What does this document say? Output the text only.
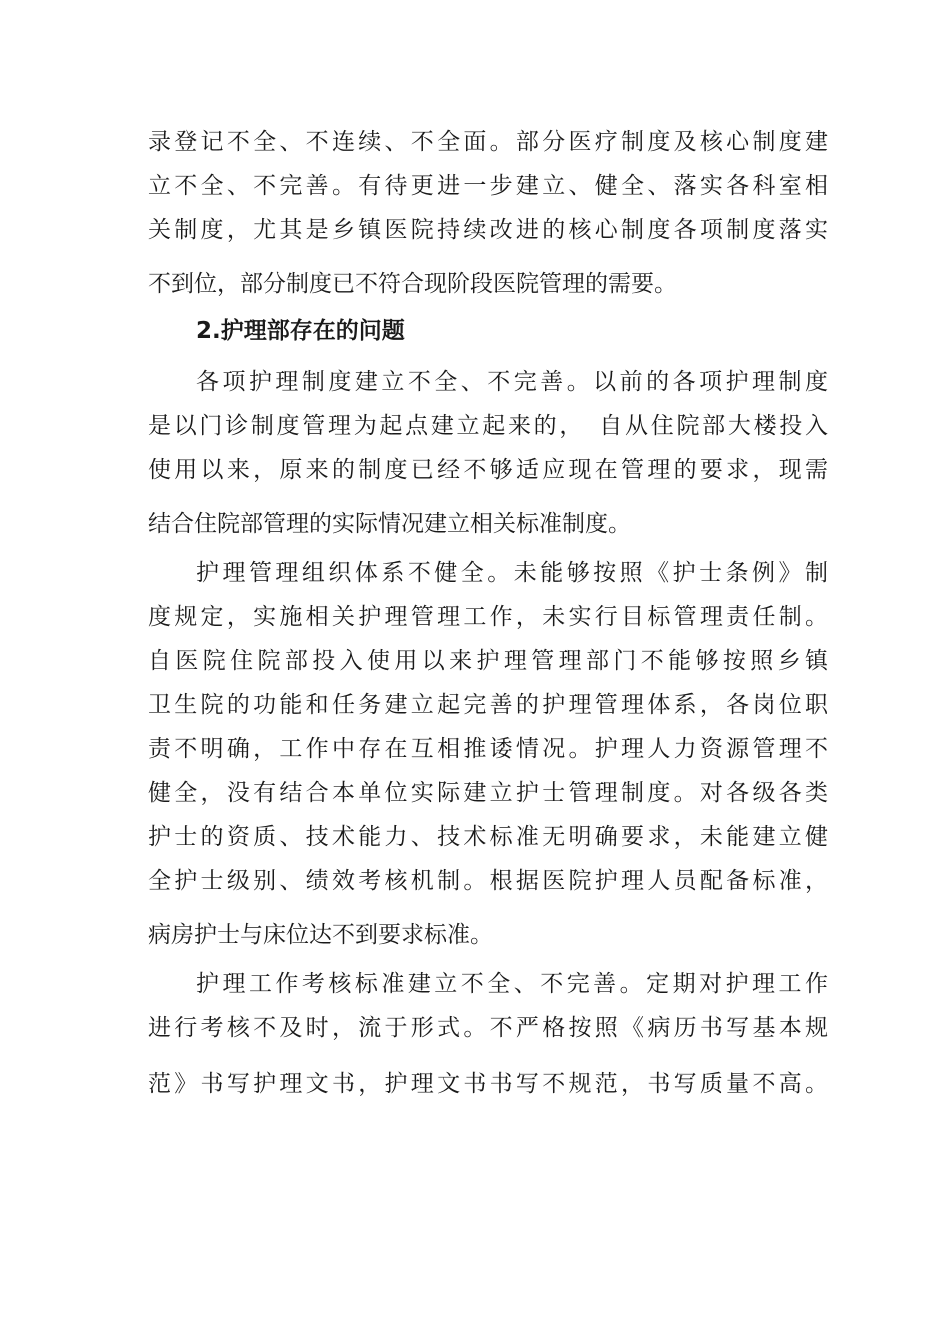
录登记不全、不连续、不全面。部分医疗制度及核心制度建

立不全、不完善。有待更进一步建立、健全、落实各科室相

关制度，尤其是乡镇医院持续改进的核心制度各项制度落实

不到位，部分制度已不符合现阶段医院管理的需要。

2.护理部存在的问题

各项护理制度建立不全、不完善。以前的各项护理制度

是以门诊制度管理为起点建立起来的，　自从住院部大楼投入

使用以来，原来的制度已经不够适应现在管理的要求，现需

结合住院部管理的实际情况建立相关标准制度。

护理管理组织体系不健全。未能够按照《护士条例》制

度规定，实施相关护理管理工作，未实行目标管理责任制。

自医院住院部投入使用以来护理管理部门不能够按照乡镇

卫生院的功能和任务建立起完善的护理管理体系，各岗位职

责不明确，工作中存在互相推诿情况。护理人力资源管理不

健全，没有结合本单位实际建立护士管理制度。对各级各类

护士的资质、技术能力、技术标准无明确要求，未能建立健

全护士级别、绩效考核机制。根据医院护理人员配备标准，

病房护士与床位达不到要求标准。

护理工作考核标准建立不全、不完善。定期对护理工作

进行考核不及时，流于形式。不严格按照《病历书写基本规

范》书写护理文书，护理文书书写不规范，书写质量不高。
